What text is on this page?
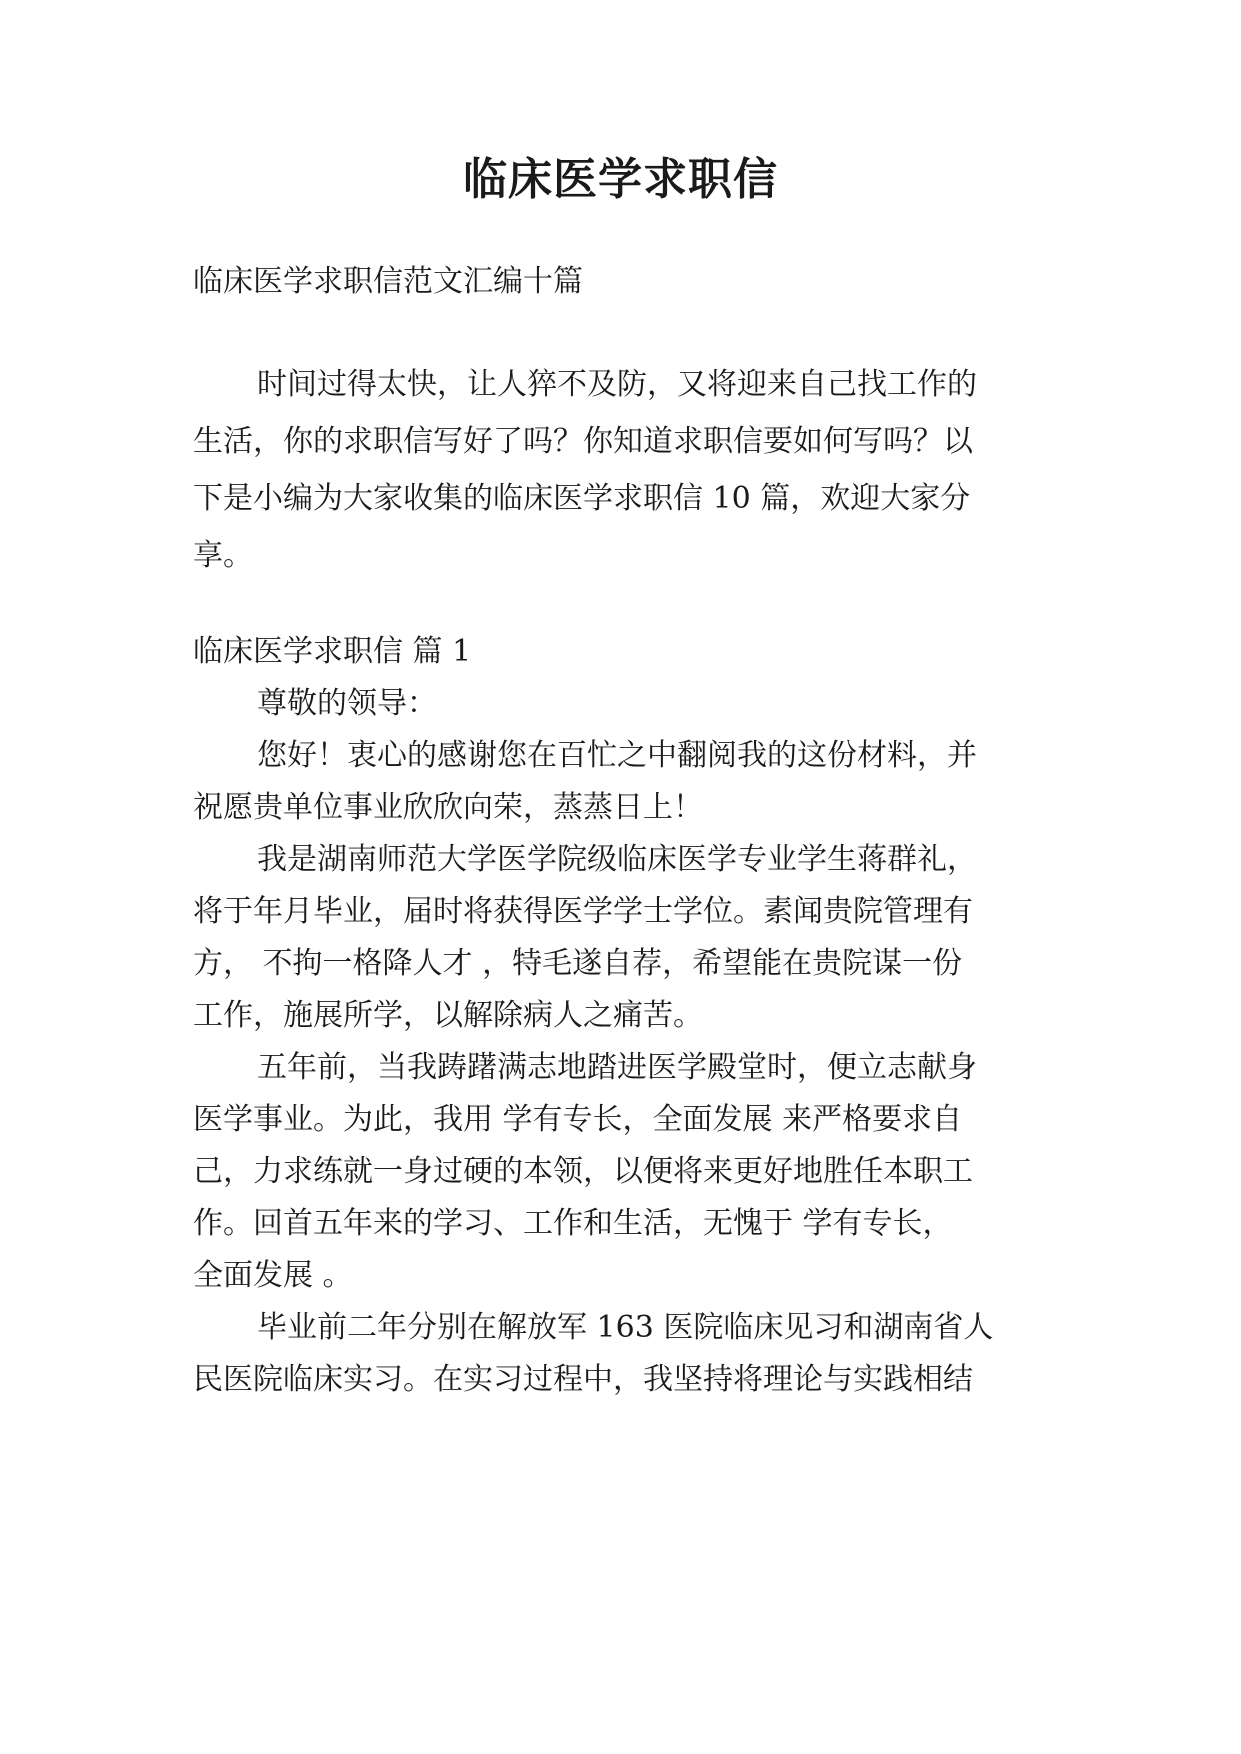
临床医学求职信

临床医学求职信范文汇编十篇

时间过得太快，让人猝不及防，又将迎来自己找工作的

生活，你的求职信写好了吗？你知道求职信要如何写吗？以

下是小编为大家收集的临床医学求职信 10 篇，欢迎大家分

享。

临床医学求职信 篇 1

尊敬的领导：

您好！衷心的感谢您在百忙之中翻阅我的这份材料，并

祝愿贵单位事业欣欣向荣，蒸蒸日上！

我是湖南师范大学医学院级临床医学专业学生蒋群礼，

将于年月毕业，届时将获得医学学士学位。素闻贵院管理有

方， 不拘一格降人才 ，特毛遂自荐，希望能在贵院谋一份

工作，施展所学，以解除病人之痛苦。

五年前，当我踌躇满志地踏进医学殿堂时，便立志献身

医学事业。为此，我用 学有专长，全面发展 来严格要求自

己，力求练就一身过硬的本领，以便将来更好地胜任本职工

作。回首五年来的学习、工作和生活，无愧于 学有专长，

全面发展 。

毕业前二年分别在解放军 163 医院临床见习和湖南省人

民医院临床实习。在实习过程中，我坚持将理论与实践相结
